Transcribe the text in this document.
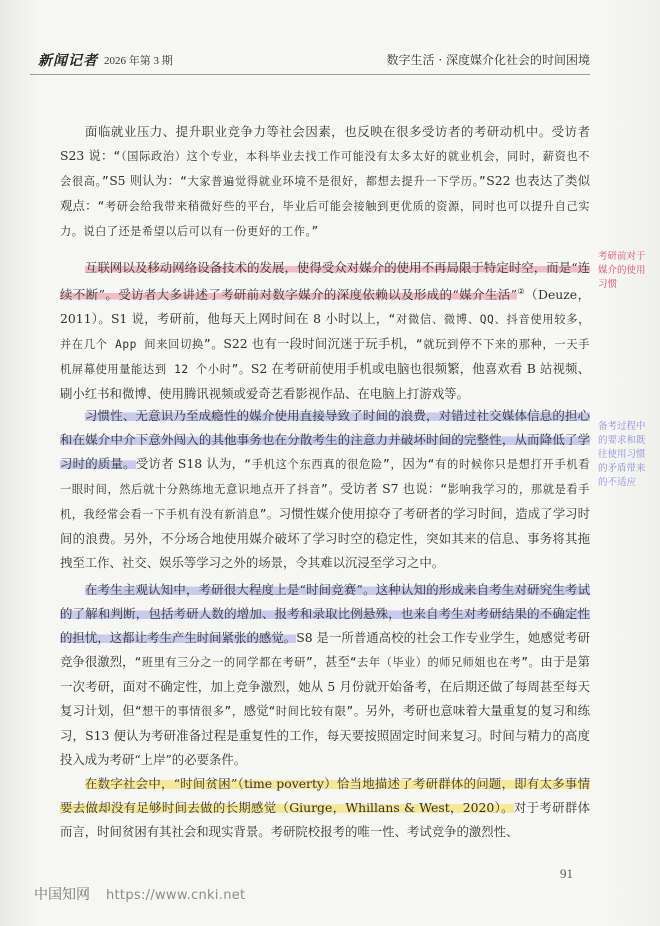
新闻记者 2026 年第 3 期	数字生活 · 深度媒介化社会的时间困境
面临就业压力、提升职业竞争力等社会因素，也反映在很多受访者的考研动机中。受访者 S23 说：“（国际政治）这个专业，本科毕业去找工作可能没有太多太好的就业机会，同时，薪资也不会很高。”S5 则认为：“大家普遍觉得就业环境不是很好，都想去提升一下学历。”S22 也表达了类似观点：“考研会给我带来稍微好些的平台，毕业后可能会接触到更优质的资源，同时也可以提升自己实力。说白了还是希望以后可以有一份更好的工作。”
互联网以及移动网络设备技术的发展，使得受众对媒介的使用不再局限于特定时空，而是“连续不断”。受访者大多讲述了考研前对数字媒介的深度依赖以及形成的“媒介生活”②（Deuze，2011）。S1 说，考研前，他每天上网时间在 8 小时以上，“对微信、微博、QQ、抖音使用较多，并在几个 App 间来回切换”。S22 也有一段时间沉迷于玩手机，“就玩到停不下来的那种，一天手机屏幕使用量能达到 12 个小时”。S2 在考研前使用手机或电脑也很频繁，他喜欢看 B 站视频、刷小红书和微博、使用腾讯视频或爱奇艺看影视作品、在电脑上打游戏等。
习惯性、无意识乃至成瘾性的媒介使用直接导致了时间的浪费，对错过社交媒体信息的担心和在媒介中介下意外闯入的其他事务也在分散考生的注意力并破坏时间的完整性，从而降低了学习时的质量。受访者 S18 认为，“手机这个东西真的很危险”，因为“有的时候你只是想打开手机看一眼时间，然后就十分熟练地无意识地点开了抖音”。受访者 S7 也说：“影响我学习的，那就是看手机，我经常会看一下手机有没有新消息”。习惯性媒介使用掠夺了考研者的学习时间，造成了学习时间的浪费。另外，不分场合地使用媒介破坏了学习时空的稳定性，突如其来的信息、事务将其拖拽至工作、社交、娱乐等学习之外的场景，令其难以沉浸至学习之中。
在考生主观认知中，考研很大程度上是“时间竞赛”。这种认知的形成来自考生对研究生考试的了解和判断，包括考研人数的增加、报考和录取比例悬殊，也来自考生对考研结果的不确定性的担忧，这都让考生产生时间紧张的感觉。S8 是一所普通高校的社会工作专业学生，她感觉考研竞争很激烈，“班里有三分之一的同学都在考研”，甚至“去年（毕业）的师兄师姐也在考”。由于是第一次考研，面对不确定性，加上竞争激烈，她从 5 月份就开始备考，在后期还做了每周甚至每天复习计划，但“想干的事情很多”，感觉“时间比较有限”。另外，考研也意味着大量重复的复习和练习，S13 便认为考研准备过程是重复性的工作，每天要按照固定时间来复习。时间与精力的高度投入成为考研“上岸”的必要条件。
在数字社会中，“时间贫困”（time poverty）恰当地描述了考研群体的问题，即有太多事情要去做却没有足够时间去做的长期感觉（Giurge，Whillans & West，2020）。对于考研群体而言，时间贫困有其社会和现实背景。考研院校报考的唯一性、考试竞争的激烈性、
考研前对于媒介的使用习惯
备考过程中的要求和既往使用习惯的矛盾带来的不适应
91
中国知网 https://www.cnki.net
